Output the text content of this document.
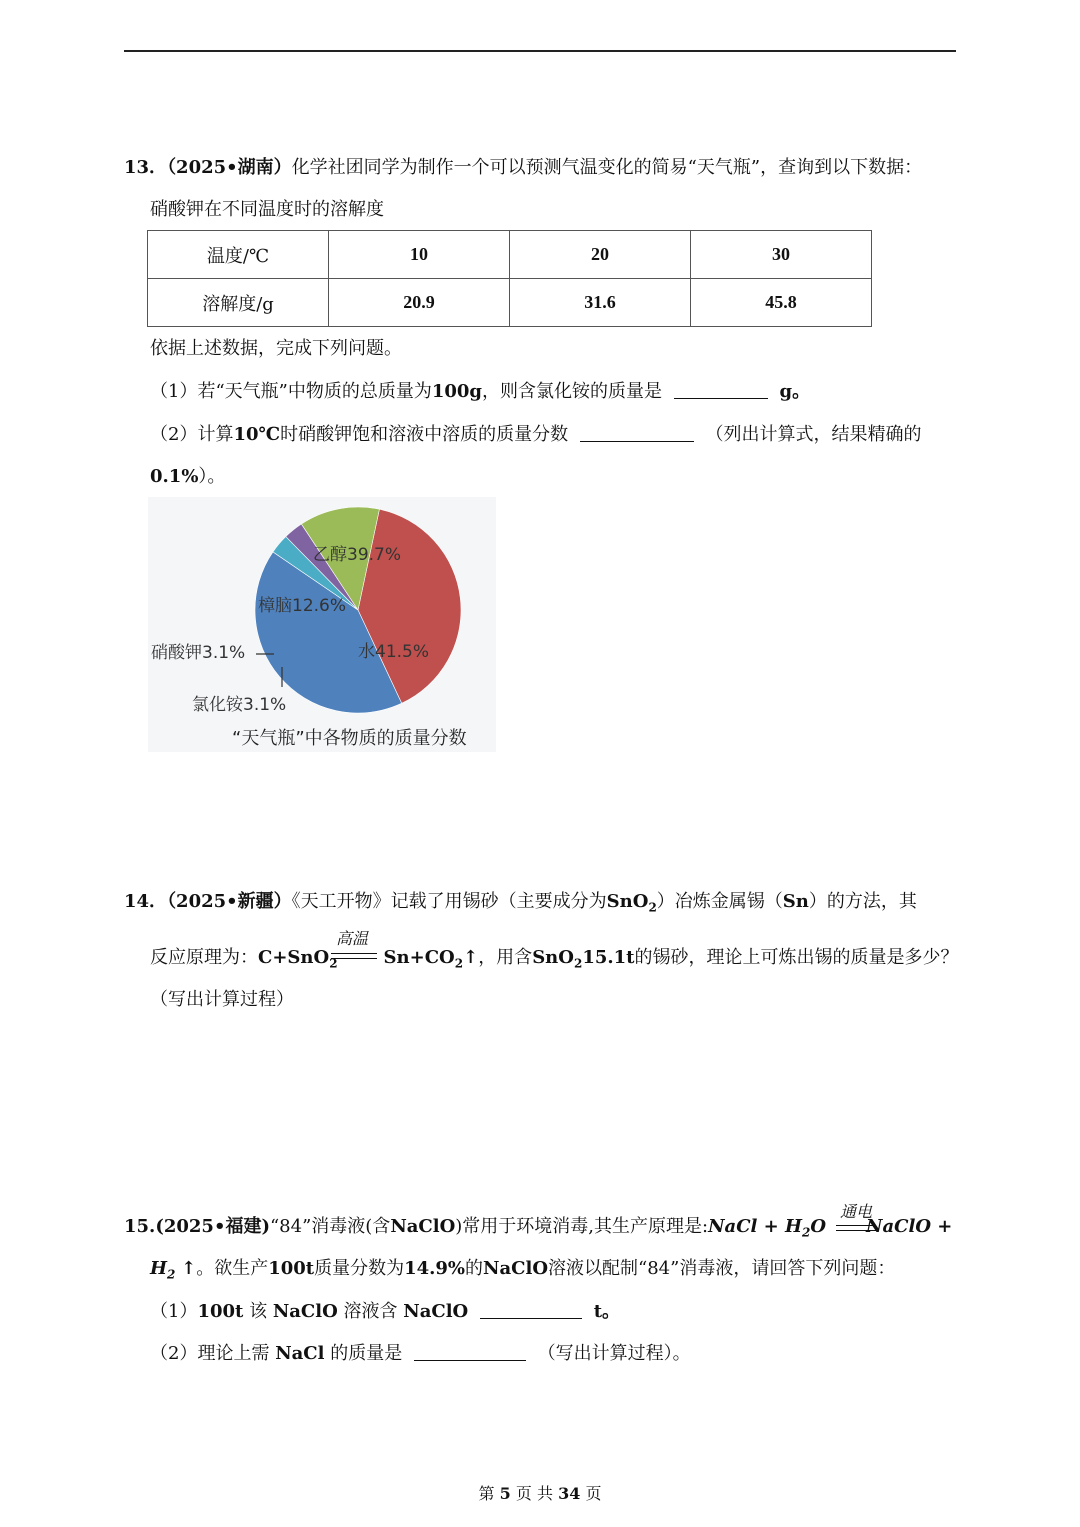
13．（2025•湖南）化学社团同学为制作一个可以预测气温变化的简易“天气瓶”，查询到以下数据：
硝酸钾在不同温度时的溶解度
温度/℃	10	20	30
溶解度/g	20.9	31.6	45.8
依据上述数据，完成下列问题。
（1）若“天气瓶”中物质的总质量为100g，则含氯化铵的质量是	g。
（2）计算10℃时硝酸钾饱和溶液中溶质的质量分数	（列出计算式，结果精确的
0.1%）。
乙醇39.7%
水41.5%
氯化铵3.1%
硝酸钾3.1%
樟脑12.6%
“天气瓶”中各物质的质量分数
14．（2025•新疆）《天工开物》记载了用锡砂（主要成分为SnO$_2$）冶炼金属锡（Sn）的方法，其
高温
反应原理为：C+SnO$_2$	$Sn+CO_2↑$，用含SnO$_2$15.1t的锡砂，理论上可炼出锡的质量是多少？
（写出计算过程）
通电
15.(2025•福建)“84”消毒液(含NaClO)常用于环境消毒,其生产原理是:NaCl + $H_2O$ NaClO +
$H_2$ ↑。欲生产100t质量分数为14.9%的NaClO溶液以配制“84”消毒液，请回答下列问题：
（1）100t 该 NaClO 溶液含 NaClO	t。
（2）理论上需 NaCl 的质量是	（写出计算过程）。
第 5 页 共 34 页
